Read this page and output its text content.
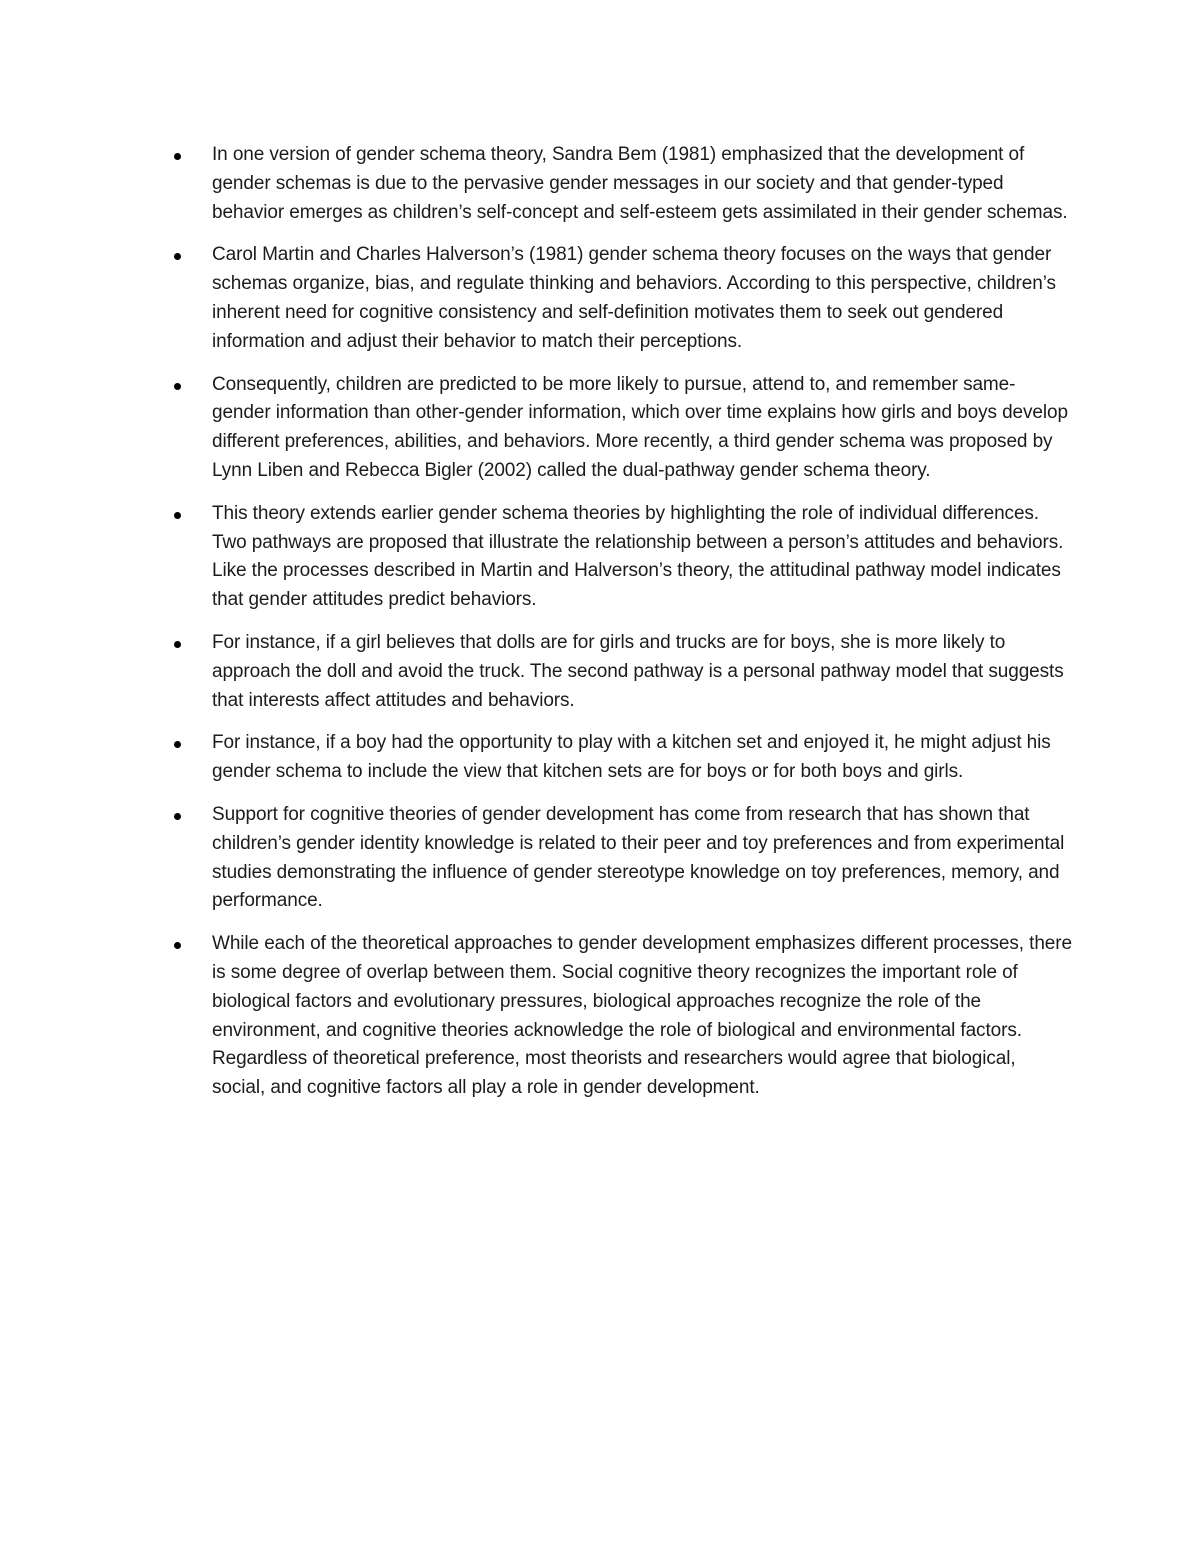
In one version of gender schema theory, Sandra Bem (1981) emphasized that the development of gender schemas is due to the pervasive gender messages in our society and that gender-typed behavior emerges as children’s self-concept and self-esteem gets assimilated in their gender schemas.
Carol Martin and Charles Halverson’s (1981) gender schema theory focuses on the ways that gender schemas organize, bias, and regulate thinking and behaviors. According to this perspective, children’s inherent need for cognitive consistency and self-definition motivates them to seek out gendered information and adjust their behavior to match their perceptions.
Consequently, children are predicted to be more likely to pursue, attend to, and remember same-gender information than other-gender information, which over time explains how girls and boys develop different preferences, abilities, and behaviors. More recently, a third gender schema was proposed by Lynn Liben and Rebecca Bigler (2002) called the dual-pathway gender schema theory.
This theory extends earlier gender schema theories by highlighting the role of individual differences. Two pathways are proposed that illustrate the relationship between a person’s attitudes and behaviors. Like the processes described in Martin and Halverson’s theory, the attitudinal pathway model indicates that gender attitudes predict behaviors.
For instance, if a girl believes that dolls are for girls and trucks are for boys, she is more likely to approach the doll and avoid the truck. The second pathway is a personal pathway model that suggests that interests affect attitudes and behaviors.
For instance, if a boy had the opportunity to play with a kitchen set and enjoyed it, he might adjust his gender schema to include the view that kitchen sets are for boys or for both boys and girls.
Support for cognitive theories of gender development has come from research that has shown that children’s gender identity knowledge is related to their peer and toy preferences and from experimental studies demonstrating the influence of gender stereotype knowledge on toy preferences, memory, and performance.
While each of the theoretical approaches to gender development emphasizes different processes, there is some degree of overlap between them. Social cognitive theory recognizes the important role of biological factors and evolutionary pressures, biological approaches recognize the role of the environment, and cognitive theories acknowledge the role of biological and environmental factors. Regardless of theoretical preference, most theorists and researchers would agree that biological, social, and cognitive factors all play a role in gender development.
